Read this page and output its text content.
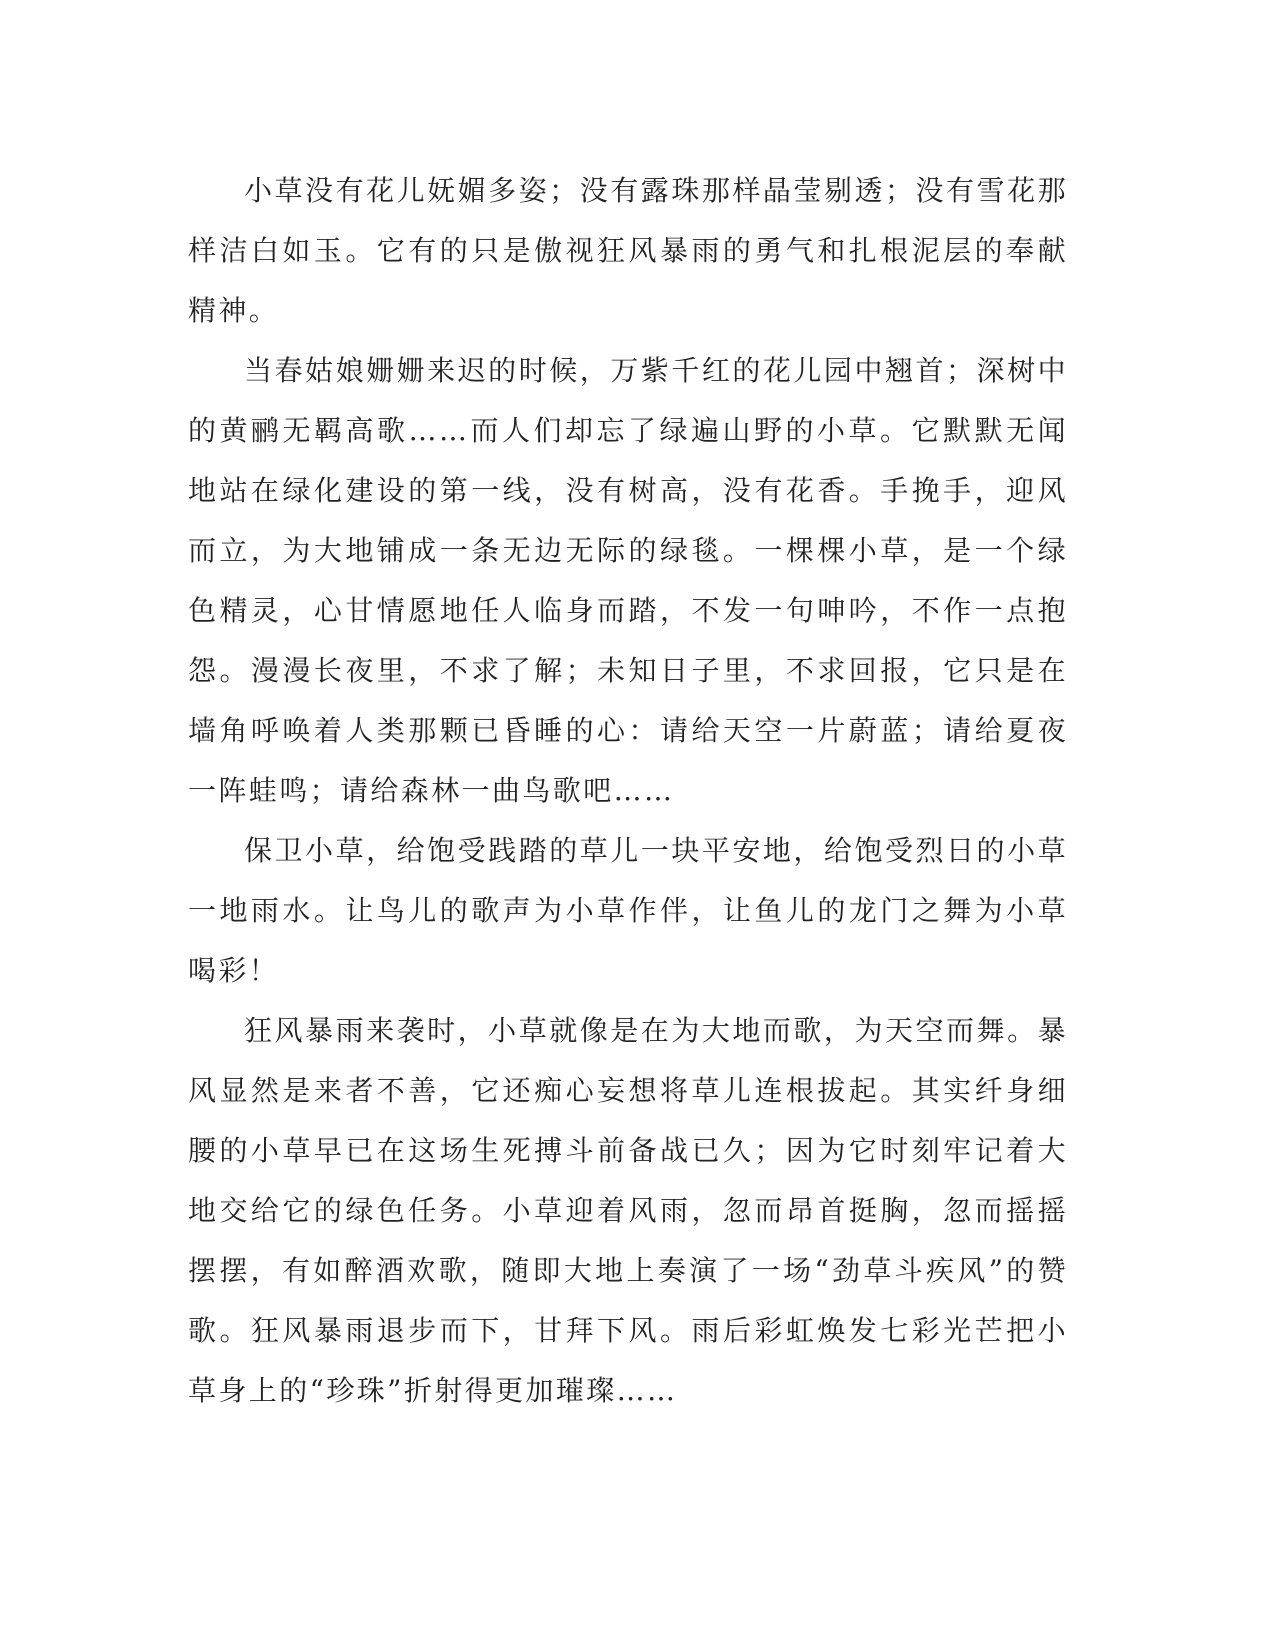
小草没有花儿妩媚多姿；没有露珠那样晶莹剔透；没有雪花那样洁白如玉。它有的只是傲视狂风暴雨的勇气和扎根泥层的奉献精神。

当春姑娘姗姗来迟的时候，万紫千红的花儿园中翘首；深树中的黄鹂无羁高歌……而人们却忘了绿遍山野的小草。它默默无闻地站在绿化建设的第一线，没有树高，没有花香。手挽手，迎风而立，为大地铺成一条无边无际的绿毯。一棵棵小草，是一个绿色精灵，心甘情愿地任人临身而踏，不发一句呻吟，不作一点抱怨。漫漫长夜里，不求了解；未知日子里，不求回报，它只是在墙角呼唤着人类那颗已昏睡的心：请给天空一片蔚蓝；请给夏夜一阵蛙鸣；请给森林一曲鸟歌吧……

保卫小草，给饱受践踏的草儿一块平安地，给饱受烈日的小草一地雨水。让鸟儿的歌声为小草作伴，让鱼儿的龙门之舞为小草喝彩！

狂风暴雨来袭时，小草就像是在为大地而歌，为天空而舞。暴风显然是来者不善，它还痴心妄想将草儿连根拔起。其实纤身细腰的小草早已在这场生死搏斗前备战已久；因为它时刻牢记着大地交给它的绿色任务。小草迎着风雨，忽而昂首挺胸，忽而摇摇摆摆，有如醉酒欢歌，随即大地上奏演了一场“劲草斗疾风”的赞歌。狂风暴雨退步而下，甘拜下风。雨后彩虹焕发七彩光芒把小草身上的“珍珠”折射得更加璀璨……
